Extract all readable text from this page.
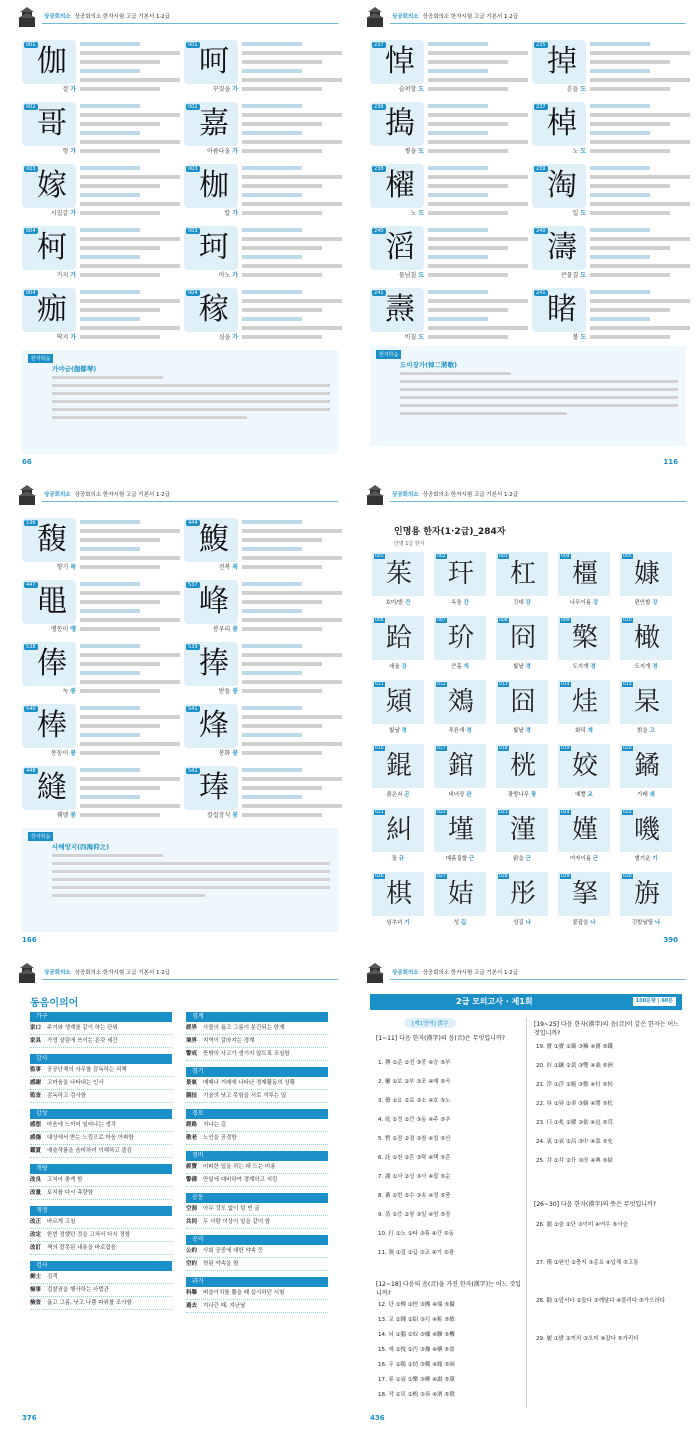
상공회의소 상공회의소 한자시험 고급 기본서 1·2급
001 伽
절 가
001 呵
꾸짖을 가
002 哥
형 가
002 嘉
아름다울 가
003 嫁
시집갈 가
003 枷
칼 가
004 柯
가지 가
003 珂
마노 가
004 痂
딱지 가
004 稼
심을 가
한자학습
가야금(伽倻琴)
66
상공회의소 상공회의소 한자시험 고급 기본서 1·2급
237 悼
슬퍼할 도
235 掉
흔들 도
236 搗
찧을 도
237 棹
노 도
238 櫂
노 도
239 淘
일 도
240 滔
물넘칠 도
240 濤
큰물결 도
241 燾
비칠 도
241 睹
볼 도
한자학습
도이장가(悼二將歌)
116
상공회의소 상공회의소 한자시험 고급 기본서 1·2급
536 馥
향기 복
444 鰒
전복 복
447 黽
맹꽁이 맹
537 峰
봉우리 봉
538 俸
녹 봉
539 捧
받들 봉
540 棒
몽둥이 봉
541 烽
봉화 봉
448 縫
꿰맬 봉
542 琫
칼집장식 봉
한자학습
사해앙지(四海仰之)
166
상공회의소 상공회의소 한자시험 고급 기본서 1·2급
인명용 한자(1·2급)_284자
인명 1급 한자
001
茱
호미/밭 간
002
玕
옥돌 간
003
杠
깃대 강
004
橿
나무이름 강
005
嫝
편안할 강
006
跲
세울 강
007
玠
큰홀 개
008
冏
빛날 경
009
檠
도지개 경
010
橄
도지개 경
011
熲
빛날 경
012
鵁
푸른새 경
013
囧
빛날 경
014
烓
화덕 계
015
杲
밝을 고
016
錕
붉은쇠 곤
017
錧
비녀장 관
018
桄
광랑나무 광
019
姣
예쁠 교
020
鐍
가래 궤
021
糾
꼴 규
022
墐
매흙질할 근
023
漌
맑을 근
024
嫤
여자이름 근
025
嘰
별기운 기
026
棋
임추녀 기
027
姞
성 길
028
彤
성길 나
029
拏
붙잡을 나
030
旃
깃발날릴 나
390
상공회의소 상공회의소 한자시험 고급 기본서 1·2급
동음이의어
가구
家口 주거와 생계를 같이 하는 단위
家具 가정 살림에 쓰이는 온갖 세간
감사
監事 공공단체의 사무를 감독하는 직책
感謝 고마움을 나타내는 인사
監査 감독하고 검사함
감상
感想 마음에 느끼어 일어나는 생각
感傷 대상에서 받는 느낌으로 마음 아파함
鑑賞 예술작품을 음미하여 이해하고 즐김
개량
改良 고치어 좋게 함
改量 토지를 다시 측량함
개정
改正 바르게 고침
改定 한번 정했던 것을 고쳐서 다시 정함
改訂 책의 잘못된 내용을 바로잡음
검사
劍士 검객
檢事 검찰권을 행사하는 사법관
檢査 옳고 그름, 낫고 나쁨 따위를 조사함
경계
經界 사물의 옳고 그름이 분간되는 한계
境界 지역이 갈라지는 경계
警戒 뜻밖의 사고가 생기지 않도록 조심함
경기
景氣 매매나 거래에 나타난 경제활동의 상황
競技 기술의 낫고 못함을 서로 겨루는 일
경로
經路 지나는 길
敬老 노인을 공경함
경비
經費 어떠한 일을 하는 데 드는 비용
警備 만일에 대비하여 경계하고 지킴
공동
空洞 아무 것도 없이 텅 빈 굴
共同 두 사람 이상이 일을 같이 함
공약
公約 사회 공중에 대한 약속 등
空約 헛된 약속을 함
과거
科擧 벼슬아치를 뽑을 때 실시하던 시험
過去 지나간 때, 지난날
376
상공회의소 상공회의소 한자시험 고급 기본서 1·2급
2급 모의고사 · 제1회	100문항 | 60분
[제1영역] 漢字
[1~11] 다음 한자(漢字)의 음(音)은 무엇입니까?
1. 傳 ①준 ②전 ③중 ④승 ⑤부
2. 輔 ①보 ②부 ③포 ④매 ⑤곡
3. 僚 ①요 ②료 ③소 ④호 ⑤노
4. 庭 ①정 ②간 ③동 ④주 ⑤추
5. 暫 ①잠 ②점 ③참 ④칠 ⑤산
6. 託 ①천 ②흔 ③탁 ④택 ⑤흔
7. 謝 ①사 ②싱 ③사 ④잡 ⑤순
8. 蕃 ①번 ②수 ③송 ④정 ⑤풍
9. 蒸 ①증 ②창 ③일 ④엄 ⑤장
10. 打 ①노 ②타 ③휴 ④간 ⑤동
11. 執 ①집 ②급 ③교 ④기 ⑤광
[12~18] 다음의 음(音)을 가진 한자(漢字)는 어느 것입니까?
12. 단 ①傳 ②徑 ③團 ④端 ⑤攝
13. 교 ①鍾 ②紹 ③巧 ④粧 ⑤敏
14. 뇌 ①腦 ②奴 ③爐 ④聯 ⑤機
15. 예 ①悅 ②汚 ③豫 ④藥 ⑤盈
16. 우 ①陽 ②幼 ③郵 ④緣 ⑤兩
17. 류 ①衰 ②樂 ③柳 ④肅 ⑤黨
18. 작 ①災 ②酌 ③奏 ④酒 ⑤徵
[19~25] 다음 한자(漢字)의 음(音)이 같은 한자는 어느 것입니까?
19. 寶 ①寶 ②濁 ③擁 ④寶 ⑤鐵
20. 衫 ①鑛 ②黃 ③雙 ④桑 ⑤洲
21. 浮 ①浮 ②範 ③敷 ④付 ⑤侯
22. 昇 ①昇 ②率 ③姻 ④將 ⑤松
23. 曰 ①兆 ②曜 ③依 ④逗 ⑤茸
24. 衷 ①衰 ②昌 ③中 ④菜 ⑤充
25. 井 ①井 ②升 ③淳 ④典 ⑤掃
[26~30] 다음 한자(漢字)의 뜻은 무엇입니까?
26. 臆 ①숨 ②단 ③이미 ④여우 ⑤사슴
27. 僅 ①원인 ②충지 ③종요 ④입체 ⑤고통
28. 勸 ①앞서다 ②돌다 ③깨달다 ④물리다 ⑤가으라다
29. 履 ①밝 ②끼치 ③오미 ④잡다 ⑤가리다
436
